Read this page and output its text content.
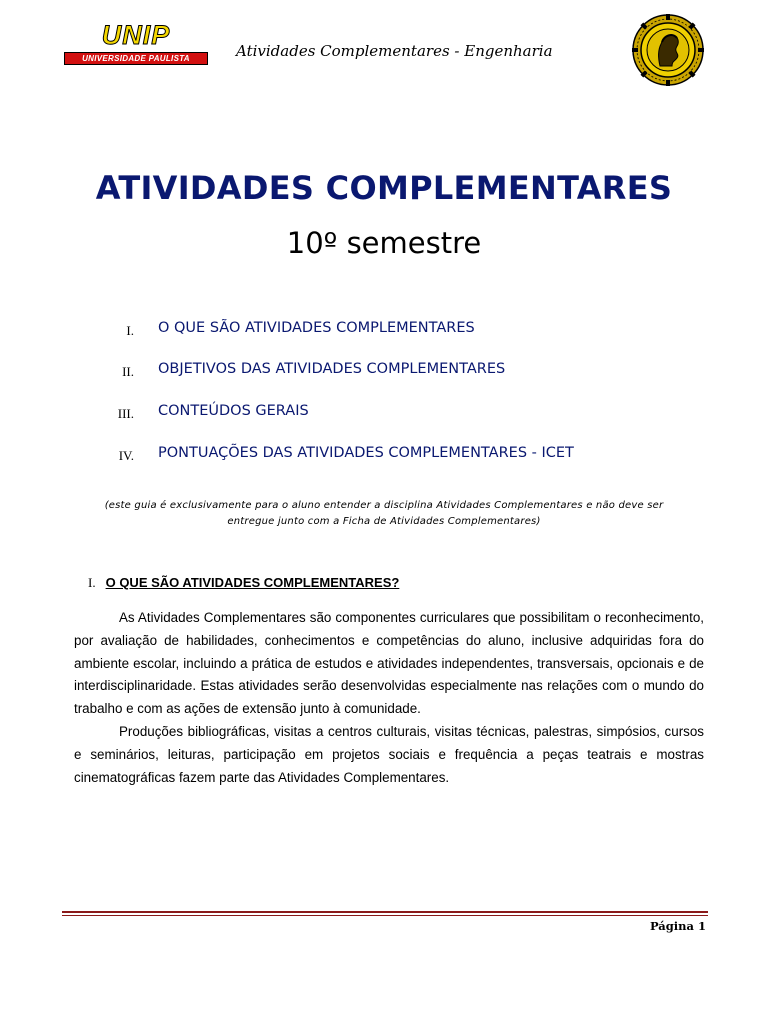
UNIP
UNIVERSIDADE PAULISTA	Atividades Complementares - Engenharia
ATIVIDADES COMPLEMENTARES
10º semestre
I. O QUE SÃO ATIVIDADES COMPLEMENTARES
II. OBJETIVOS DAS ATIVIDADES COMPLEMENTARES
III. CONTEÚDOS GERAIS
IV. PONTUAÇÕES DAS ATIVIDADES COMPLEMENTARES - ICET
(este guia é exclusivamente para o aluno entender a disciplina Atividades Complementares e não deve ser
entregue junto com a Ficha de Atividades Complementares)
I. O QUE SÃO ATIVIDADES COMPLEMENTARES?

As Atividades Complementares são componentes curriculares que possibilitam o reconhecimento, por avaliação de habilidades, conhecimentos e competências do aluno, inclusive adquiridas fora do ambiente escolar, incluindo a prática de estudos e atividades independentes, transversais, opcionais e de interdisciplinaridade. Estas atividades serão desenvolvidas especialmente nas relações com o mundo do trabalho e com as ações de extensão junto à comunidade.

Produções bibliográficas, visitas a centros culturais, visitas técnicas, palestras, simpósios, cursos e seminários, leituras, participação em projetos sociais e frequência a peças teatrais e mostras cinematográficas fazem parte das Atividades Complementares.

Página 1
